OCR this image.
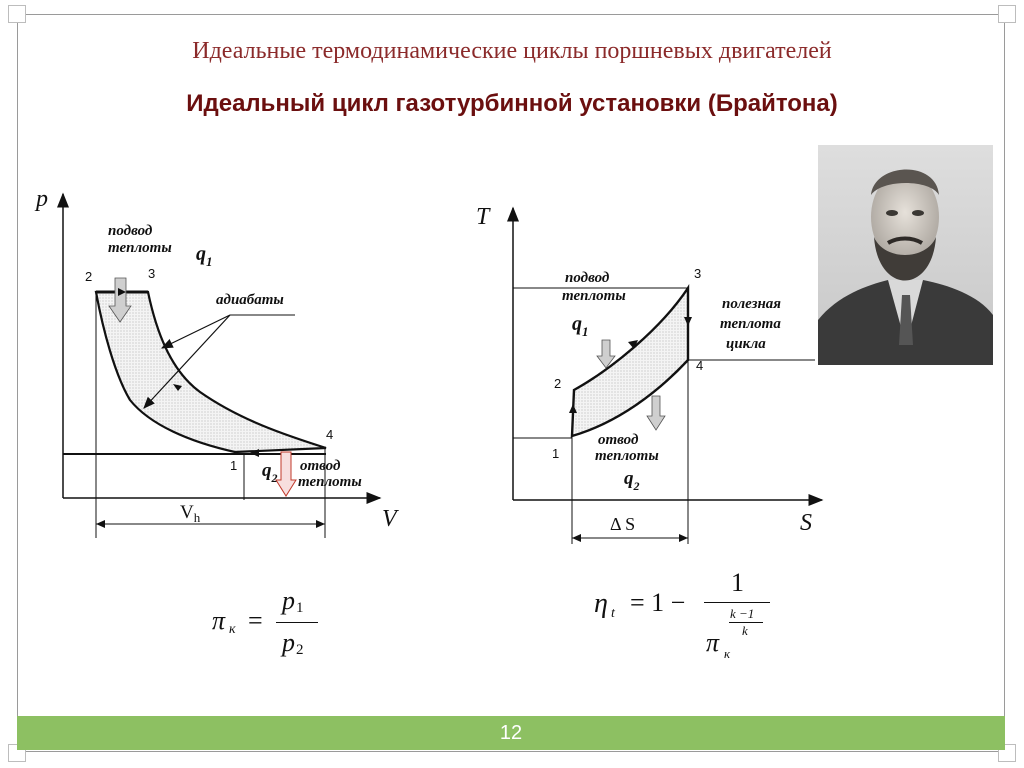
Идеальные термодинамические циклы поршневых двигателей
Идеальный цикл газотурбинной установки (Брайтона)
p
V
$V_h$
подвод
теплоты $q_1$
адиабаты
отвод
теплоты
$q_2$
1
2	3
4
T
S
Δ S
подвод
теплоты
$q_1$
полезная
теплота
цикла
отвод
теплоты
$q_2$
1
2
3
4
π к =
p 1
p 2
η t = 1 −
1
π к
k −1
k
12
